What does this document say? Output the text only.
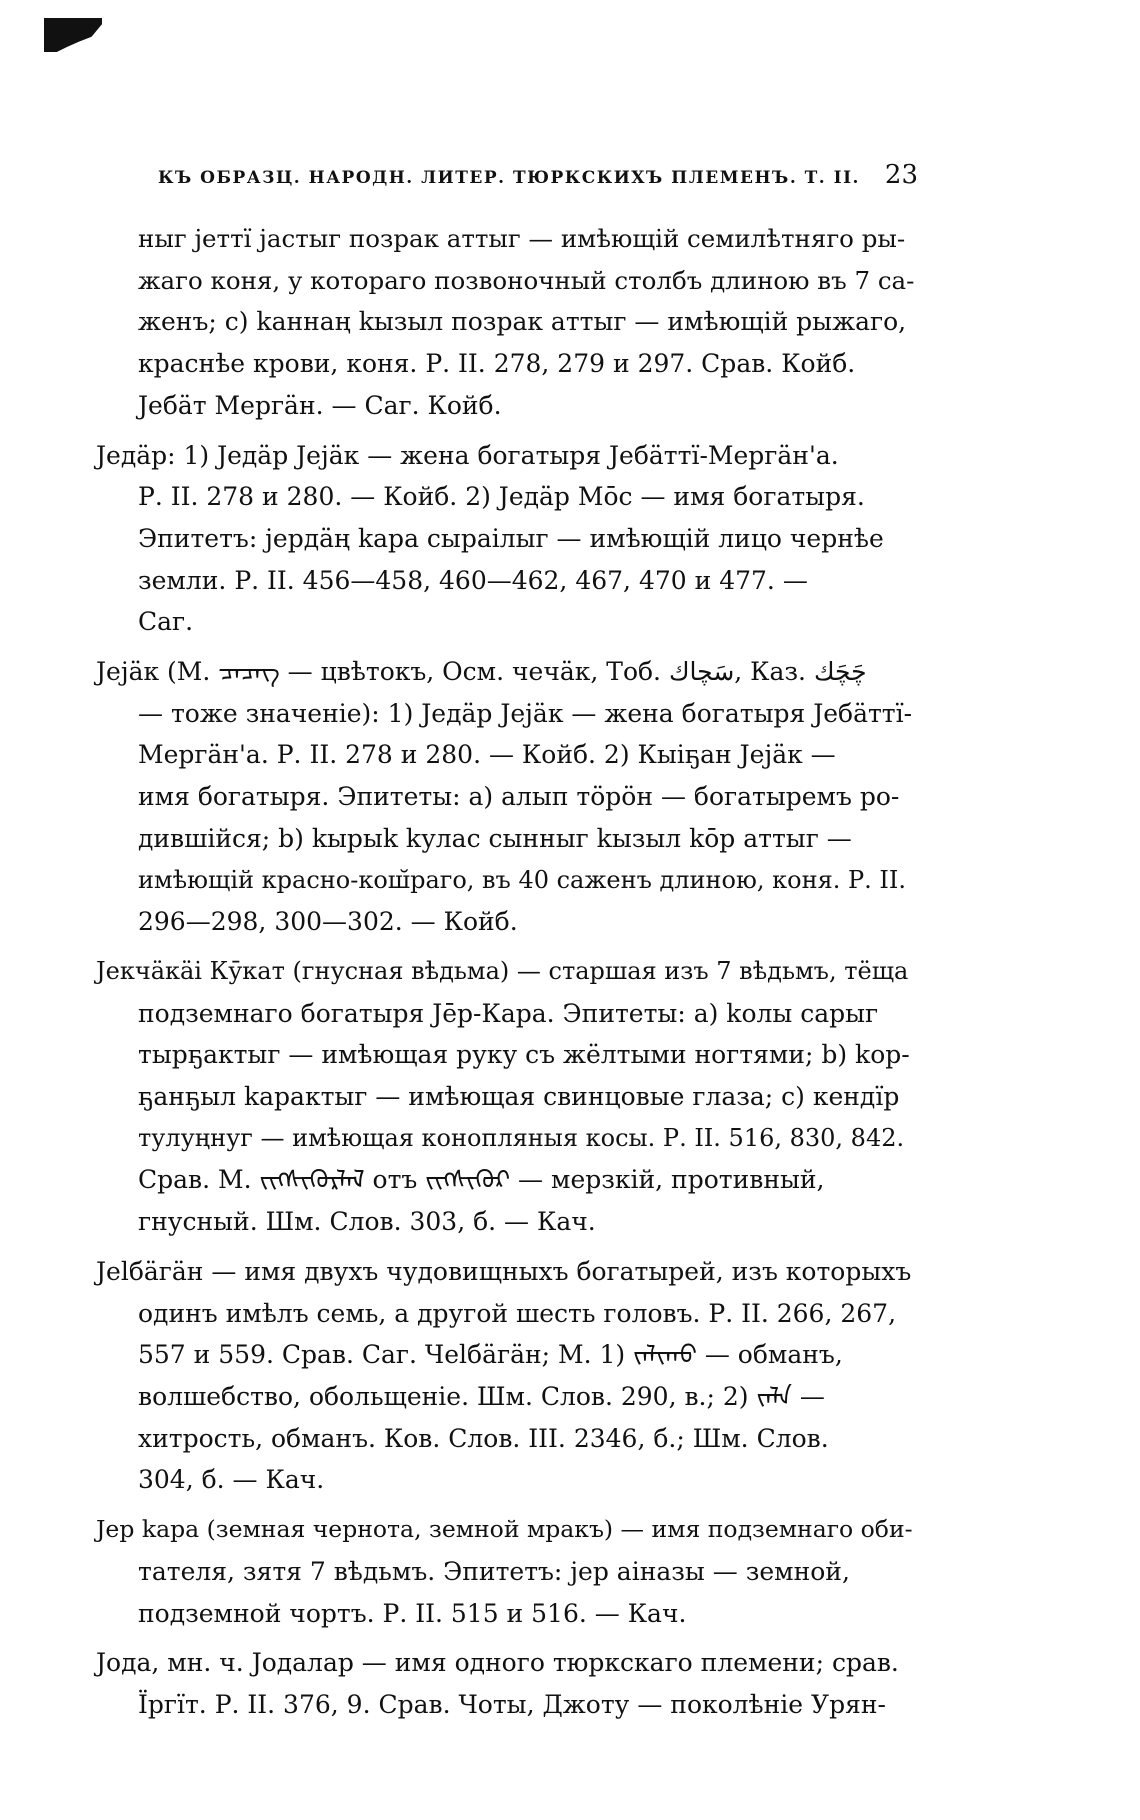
КЪ ОБРАЗЦ. НАРОДН. ЛИТЕР. ТЮРКСКИХЪ ПЛЕМЕНЪ. Т. II. 23
ныг јеттï јастыг позрак аттыг — имѣющій семилѣтняго ры-
жаго коня, у котораго позвоночный столбъ длиною въ 7 са-
женъ; с) kаннаң kызыл позрак аттыг — имѣющій рыжаго,
краснѣе крови, коня. Р. II. 278, 279 и 297. Срав. Койб.
Јебäт Мергäн. — Саг. Койб.
Једäр: 1) Једäр Јејäк — жена богатыря Јебäттï-Мергäн'а.
Р. II. 278 и 280. — Койб. 2) Једäр Мōс — имя богатыря.
Эпитетъ: јердäң kара сыраiлыг — имѣющій лицо чернѣе
земли. Р. II. 456—458, 460—462, 467, 470 и 477. —
Саг.
Јејäк (М. ᠴᠡᠴᠡᠭ — цвѣтокъ, Осм. чечäк, Тоб. سَچاك, Каз. چَچَك
— тоже значеніе): 1) Једäр Јејäк — жена богатыря Јебäттï-
Мергäн'а. Р. II. 278 и 280. — Койб. 2) Кыiҕан Јејäк —
имя богатыря. Эпитеты: а) алып тöрöн — богатыремъ ро-
дившійся; b) kырыk kулас сынныг kызыл kōр аттыг —
имѣющій красно-кош̆раго, въ 40 саженъ длиною, коня. Р. II.
296—298, 300—302. — Койб.
Јекчäкäi Кӯкат (гнусная вѣдьма) — старшая изъ 7 вѣдьмъ, тёща
подземнаго богатыря Јēр-Кара. Эпитеты: а) kолы сарыг
тырҕактыг — имѣющая руку съ жёлтыми ногтями; b) kор-
ҕанҕыл kарактыг — имѣющая свинцовые глаза; с) кендïр
тулуңнуг — имѣющая конопляныя косы. Р. II. 516, 830, 842.
Срав. М. ᠵᠢᠭᠰᠢᠭᠦᠷᠯᠡᠯ отъ ᠵᠢᠭᠰᠢᠭᠦᠷ — мерзкій, противный,
гнусный. Шм. Слов. 303, б. — Кач.
Јеlбäгäн — имя двухъ чудовищныхъ богатырей, изъ которыхъ
одинъ имѣлъ семь, а другой шесть головъ. Р. II. 266, 267,
557 и 559. Срав. Саг. Чеlбäгäн; М. 1) ᠵᠠᠯᠢᠬᠤ — обманъ,
волшебство, обольщеніе. Шм. Слов. 290, в.; 2) ᠵᠠᠯᠠ —
хитрость, обманъ. Ков. Слов. III. 2346, б.; Шм. Слов.
304, б. — Кач.
Јер kара (земная чернота, земной мракъ) — имя подземнаго оби-
тателя, зятя 7 вѣдьмъ. Эпитетъ: јер аiназы — земной,
подземной чортъ. Р. II. 515 и 516. — Кач.
Јода, мн. ч. Јодалар — имя одного тюркскаго племени; срав.
Ïргïт. Р. II. 376, 9. Срав. Чоты, Джоту — поколѣніе Урян-
